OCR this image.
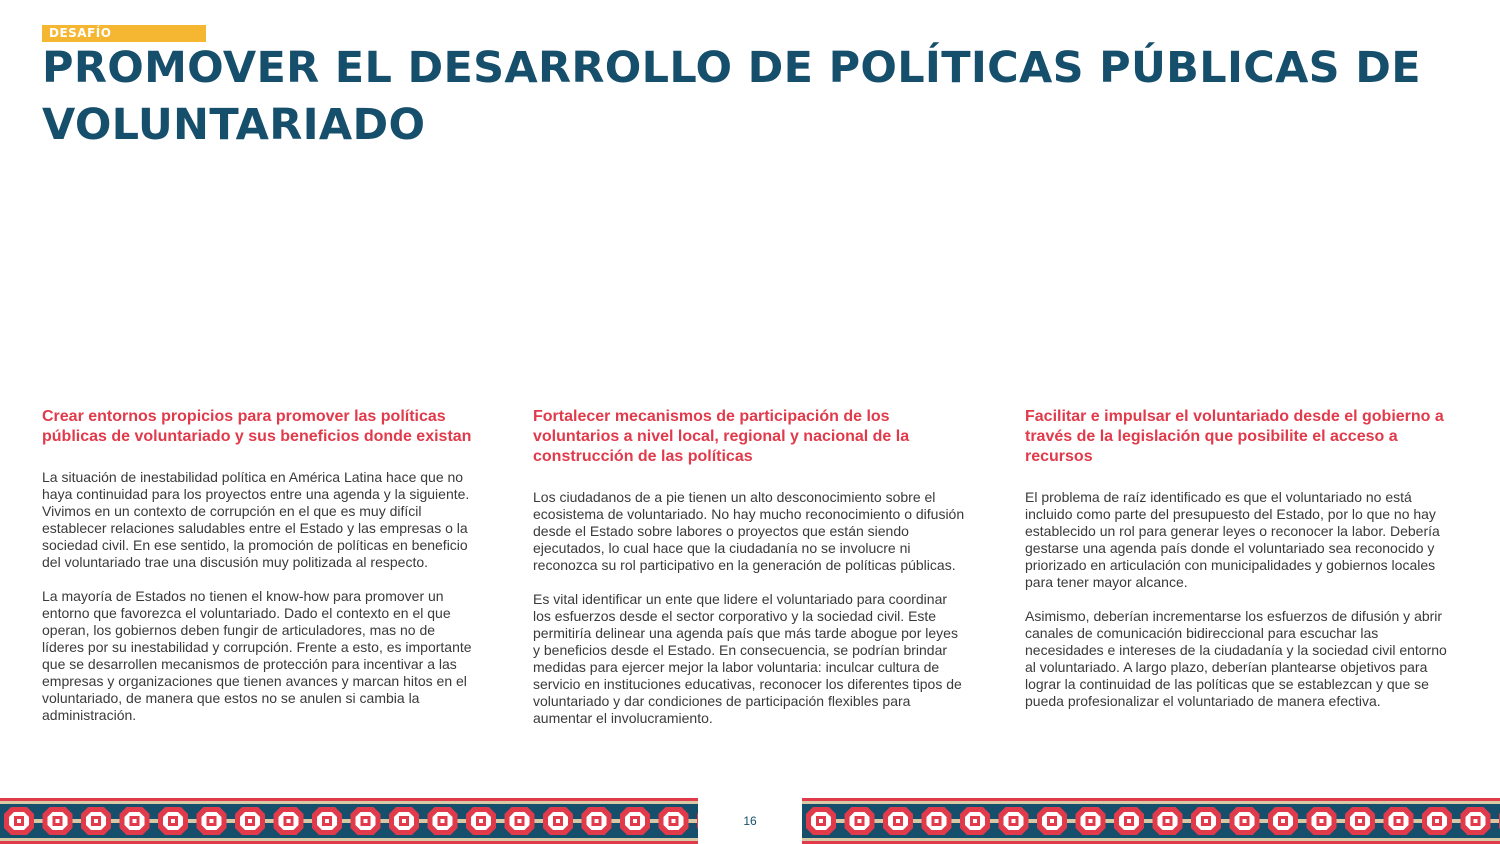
DESAFÍO
PROMOVER EL DESARROLLO DE POLÍTICAS PÚBLICAS DE VOLUNTARIADO
Crear entornos propicios para promover las políticas públicas de voluntariado y sus beneficios donde existan

La situación de inestabilidad política en América Latina hace que no haya continuidad para los proyectos entre una agenda y la siguiente. Vivimos en un contexto de corrupción en el que es muy difícil establecer relaciones saludables entre el Estado y las empresas o la sociedad civil. En ese sentido, la promoción de políticas en beneficio del voluntariado trae una discusión muy politizada al respecto.

La mayoría de Estados no tienen el know-how para promover un entorno que favorezca el voluntariado. Dado el contexto en el que operan, los gobiernos deben fungir de articuladores, mas no de líderes por su inestabilidad y corrupción. Frente a esto, es importante que se desarrollen mecanismos de protección para incentivar a las empresas y organizaciones que tienen avances y marcan hitos en el voluntariado, de manera que estos no se anulen si cambia la administración.

Fortalecer mecanismos de participación de los voluntarios a nivel local, regional y nacional de la construcción de las políticas

Los ciudadanos de a pie tienen un alto desconocimiento sobre el ecosistema de voluntariado. No hay mucho reconocimiento o difusión desde el Estado sobre labores o proyectos que están siendo ejecutados, lo cual hace que la ciudadanía no se involucre ni reconozca su rol participativo en la generación de políticas públicas.

Es vital identificar un ente que lidere el voluntariado para coordinar los esfuerzos desde el sector corporativo y la sociedad civil. Este permitiría delinear una agenda país que más tarde abogue por leyes y beneficios desde el Estado. En consecuencia, se podrían brindar medidas para ejercer mejor la labor voluntaria: inculcar cultura de servicio en instituciones educativas, reconocer los diferentes tipos de voluntariado y dar condiciones de participación flexibles para aumentar el involucramiento.

Facilitar e impulsar el voluntariado desde el gobierno a través de la legislación que posibilite el acceso a recursos

El problema de raíz identificado es que el voluntariado no está incluido como parte del presupuesto del Estado, por lo que no hay establecido un rol para generar leyes o reconocer la labor. Debería gestarse una agenda país donde el voluntariado sea reconocido y priorizado en articulación con municipalidades y gobiernos locales para tener mayor alcance.

Asimismo, deberían incrementarse los esfuerzos de difusión y abrir canales de comunicación bidireccional para escuchar las necesidades e intereses de la ciudadanía y la sociedad civil entorno al voluntariado. A largo plazo, deberían plantearse objetivos para lograr la continuidad de las políticas que se establezcan y que se pueda profesionalizar el voluntariado de manera efectiva.

16
